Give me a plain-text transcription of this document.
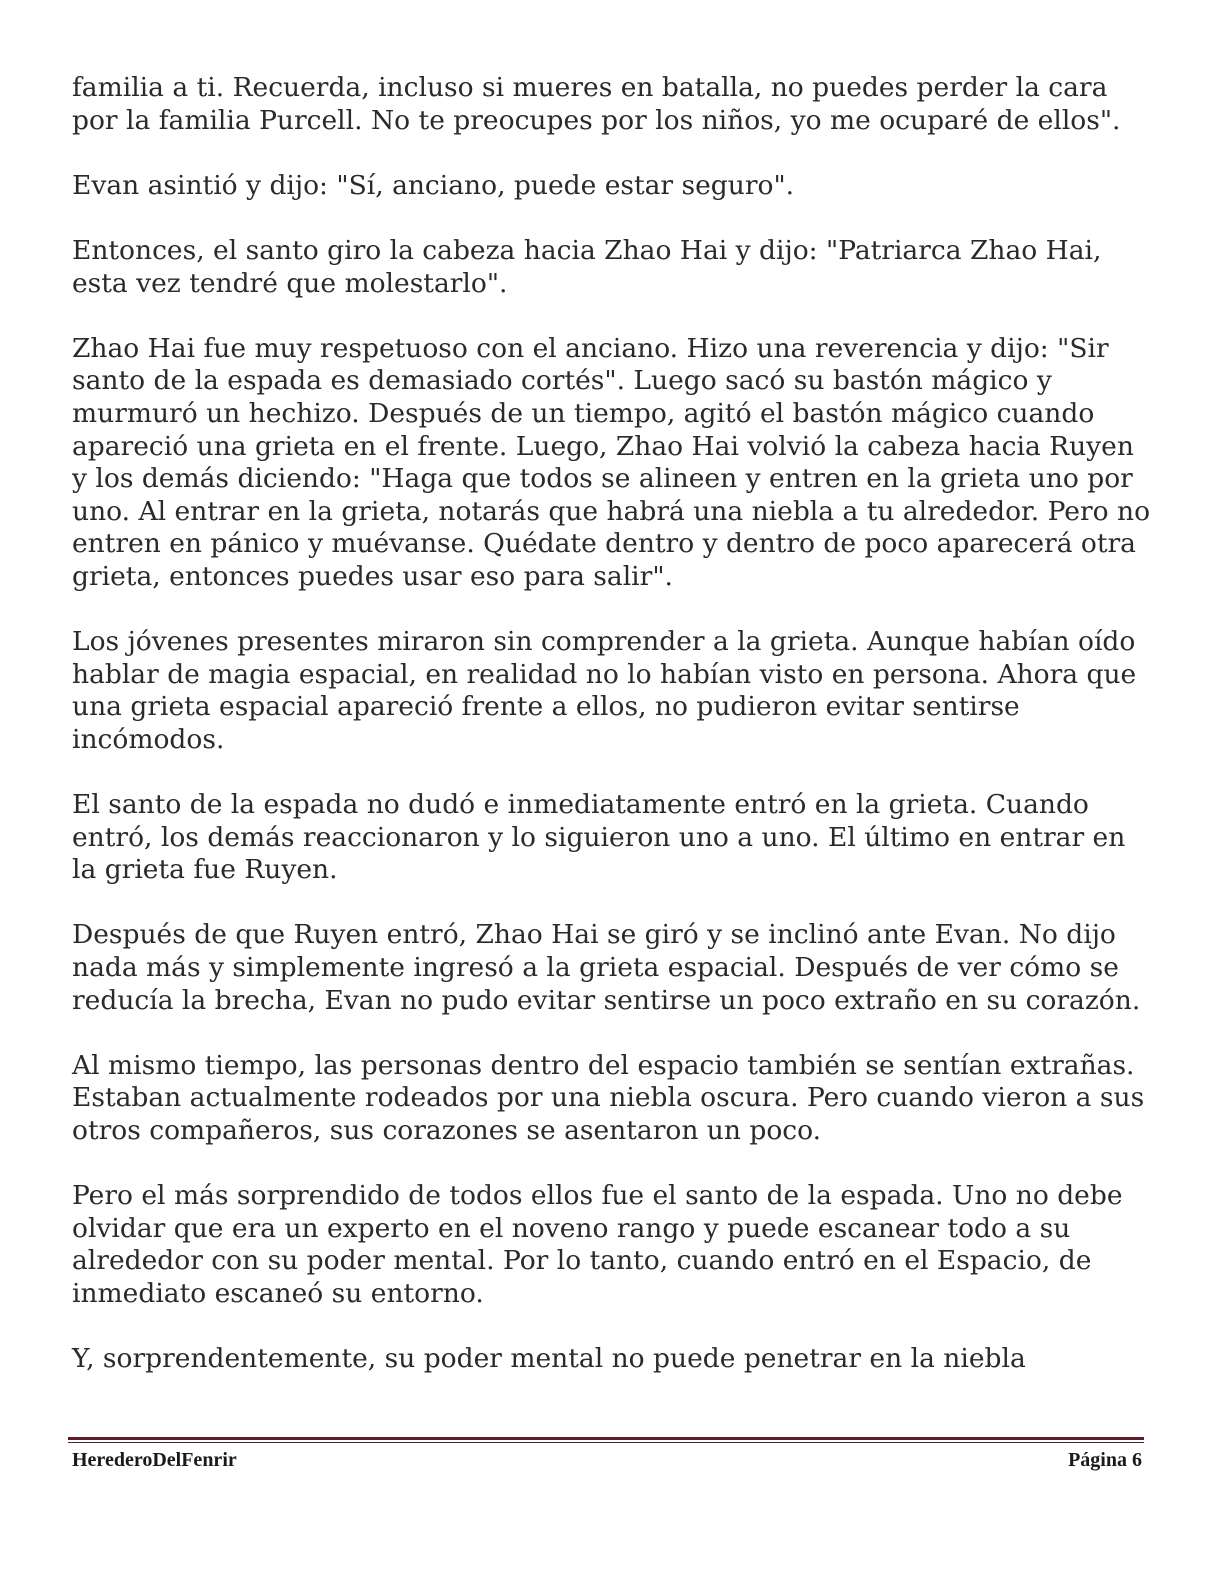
familia a ti. Recuerda, incluso si mueres en batalla, no puedes perder la cara por la familia Purcell. No te preocupes por los niños, yo me ocuparé de ellos".

Evan asintió y dijo: "Sí, anciano, puede estar seguro".

Entonces, el santo giro la cabeza hacia Zhao Hai y dijo: "Patriarca Zhao Hai, esta vez tendré que molestarlo".

Zhao Hai fue muy respetuoso con el anciano. Hizo una reverencia y dijo: "Sir santo de la espada es demasiado cortés". Luego sacó su bastón mágico y murmuró un hechizo. Después de un tiempo, agitó el bastón mágico cuando apareció una grieta en el frente. Luego, Zhao Hai volvió la cabeza hacia Ruyen y los demás diciendo: "Haga que todos se alineen y entren en la grieta uno por uno. Al entrar en la grieta, notarás que habrá una niebla a tu alrededor. Pero no entren en pánico y muévanse. Quédate dentro y dentro de poco aparecerá otra grieta, entonces puedes usar eso para salir".

Los jóvenes presentes miraron sin comprender a la grieta. Aunque habían oído hablar de magia espacial, en realidad no lo habían visto en persona. Ahora que una grieta espacial apareció frente a ellos, no pudieron evitar sentirse incómodos.

El santo de la espada no dudó e inmediatamente entró en la grieta. Cuando entró, los demás reaccionaron y lo siguieron uno a uno. El último en entrar en la grieta fue Ruyen.

Después de que Ruyen entró, Zhao Hai se giró y se inclinó ante Evan. No dijo nada más y simplemente ingresó a la grieta espacial. Después de ver cómo se reducía la brecha, Evan no pudo evitar sentirse un poco extraño en su corazón.

Al mismo tiempo, las personas dentro del espacio también se sentían extrañas. Estaban actualmente rodeados por una niebla oscura. Pero cuando vieron a sus otros compañeros, sus corazones se asentaron un poco.

Pero el más sorprendido de todos ellos fue el santo de la espada. Uno no debe olvidar que era un experto en el noveno rango y puede escanear todo a su alrededor con su poder mental. Por lo tanto, cuando entró en el Espacio, de inmediato escaneó su entorno.

Y, sorprendentemente, su poder mental no puede penetrar en la niebla

HerederoDelFenrir	Página 6
